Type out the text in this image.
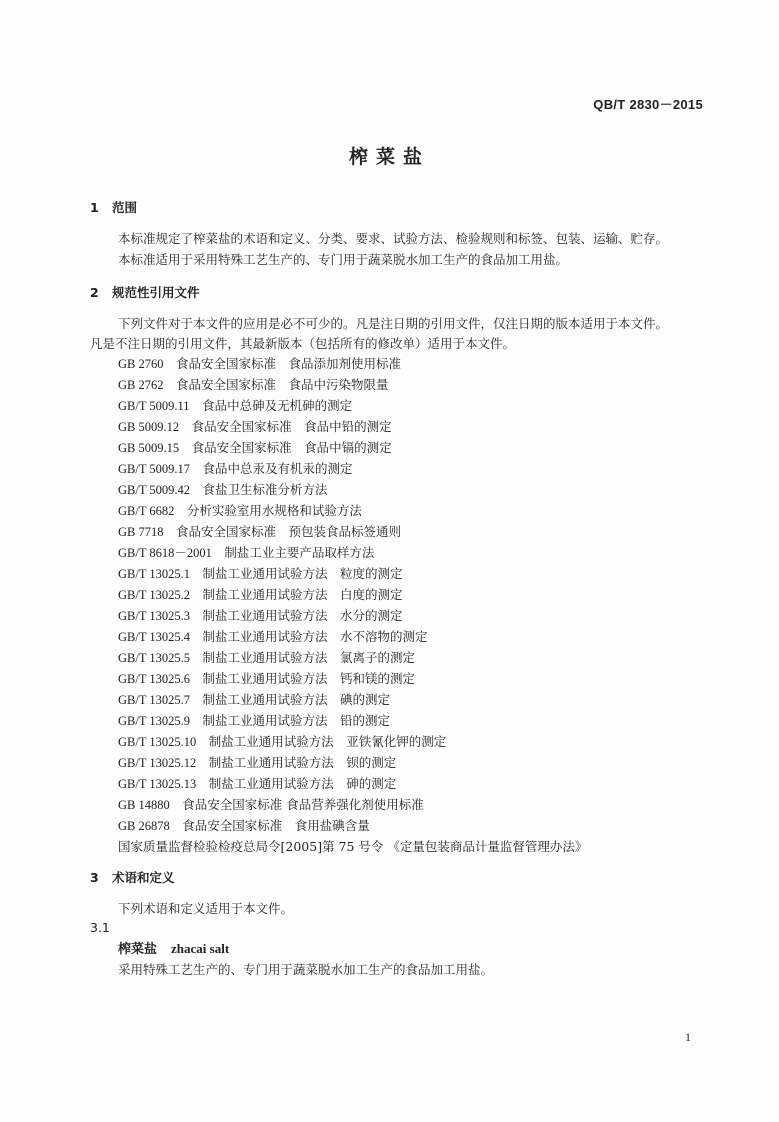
QB/T 2830－2015
榨菜盐
1 范围
本标准规定了榨菜盐的术语和定义、分类、要求、试验方法、检验规则和标签、包装、运输、贮存。
本标准适用于采用特殊工艺生产的、专门用于蔬菜脱水加工生产的食品加工用盐。
2 规范性引用文件
下列文件对于本文件的应用是必不可少的。凡是注日期的引用文件，仅注日期的版本适用于本文件。
凡是不注日期的引用文件，其最新版本（包括所有的修改单）适用于本文件。
GB 2760　 食品安全国家标准　食品添加剂使用标准
GB 2762　 食品安全国家标准　食品中污染物限量
GB/T 5009.11　 食品中总砷及无机砷的测定
GB 5009.12　 食品安全国家标准　食品中铅的测定
GB 5009.15　 食品安全国家标准　食品中镉的测定
GB/T 5009.17　 食品中总汞及有机汞的测定
GB/T 5009.42　 食盐卫生标准分析方法
GB/T 6682　 分析实验室用水规格和试验方法
GB 7718　 食品安全国家标准　预包装食品标签通则
GB/T 8618－2001　 制盐工业主要产品取样方法
GB/T 13025.1　 制盐工业通用试验方法　粒度的测定
GB/T 13025.2　 制盐工业通用试验方法　白度的测定
GB/T 13025.3　 制盐工业通用试验方法　水分的测定
GB/T 13025.4　 制盐工业通用试验方法　水不溶物的测定
GB/T 13025.5　 制盐工业通用试验方法　氯离子的测定
GB/T 13025.6　 制盐工业通用试验方法　钙和镁的测定
GB/T 13025.7　 制盐工业通用试验方法　碘的测定
GB/T 13025.9　 制盐工业通用试验方法　铅的测定
GB/T 13025.10　 制盐工业通用试验方法　亚铁氰化钾的测定
GB/T 13025.12　 制盐工业通用试验方法　钡的测定
GB/T 13025.13　 制盐工业通用试验方法　砷的测定
GB 14880　 食品安全国家标准 食品营养强化剂使用标准
GB 26878　 食品安全国家标准　食用盐碘含量
国家质量监督检验检疫总局令[2005]第 75 号令 《定量包装商品计量监督管理办法》
3 术语和定义
下列术语和定义适用于本文件。
3.1
榨菜盐 zhacai salt
采用特殊工艺生产的、专门用于蔬菜脱水加工生产的食品加工用盐。
1
